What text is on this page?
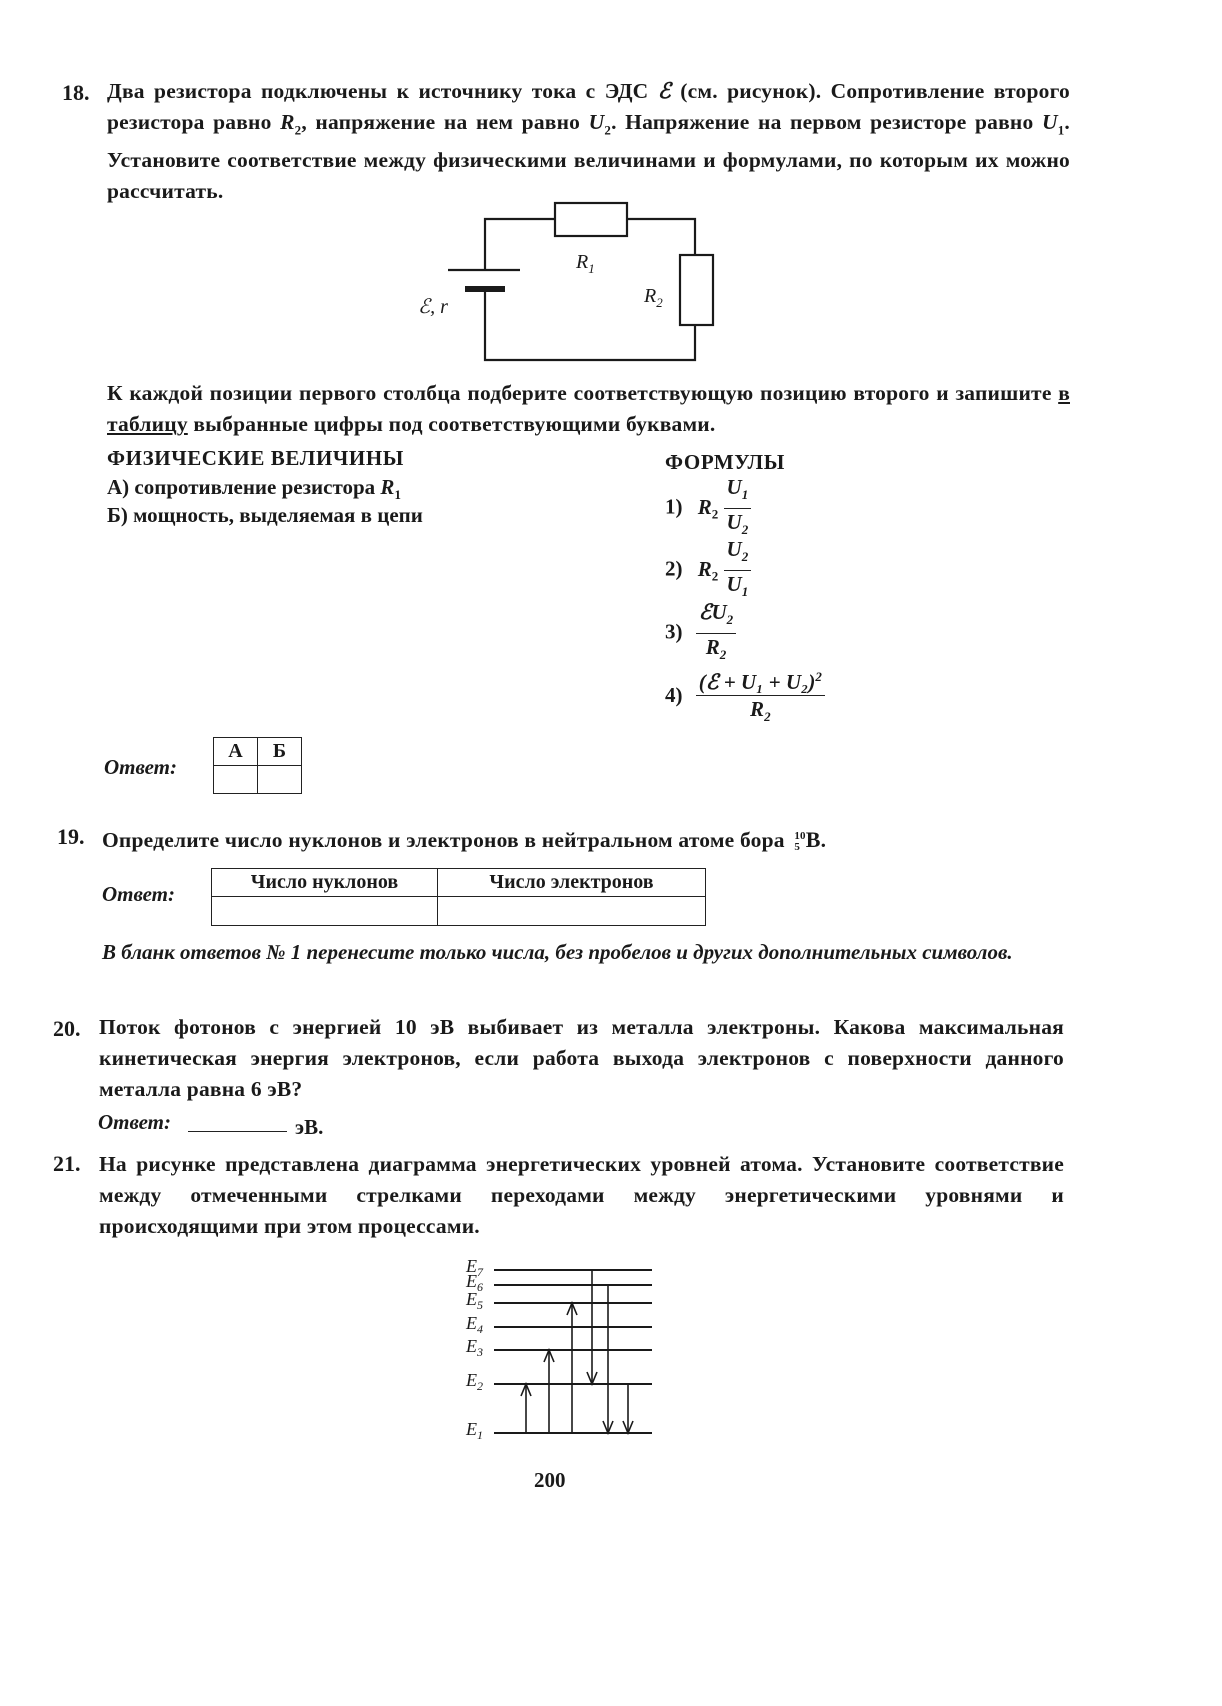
18. Два резистора подключены к источнику тока с ЭДС ℰ (см. рисунок). Сопротивление второго резистора равно $R_2$, напряжение на нем равно $U_2$. Напряжение на первом резисторе равно $U_1$. Установите соответствие между физическими величинами и формулами, по которым их можно рассчитать.
$R_1$
$R_2$
ℰ, r
К каждой позиции первого столбца подберите соответствующую позицию второго и запишите в таблицу выбранные цифры под соответствующими буквами.
ФИЗИЧЕСКИЕ ВЕЛИЧИНЫ	ФОРМУЛЫ
А) сопротивление резистора $R_1$
Б) мощность, выделяемая в цепи	1) $R_2 \frac{U_1}{U_2}$
2) $R_2 \frac{U_2}{U_1}$
$3) \frac{ℰU_2}{R_2}$
$4) \frac{(ℰ + U_1 + U_2)^2}{R_2}$
Ответ:
А	Б

19. Определите число нуклонов и электронов в нейтральном атоме бора 10
5 B.
Ответ:	Число нуклонов	Число электронов

В бланк ответов № 1 перенесите только числа, без пробелов и других дополнительных символов.
20. Поток фотонов с энергией 10 эВ выбивает из металла электроны. Какова максимальная кинетическая энергия электронов, если работа выхода электронов с поверхности данного металла равна 6 эВ?
Ответ:	эВ.
21. На рисунке представлена диаграмма энергетических уровней атома. Установите соответствие между отмеченными стрелками переходами между энергетическими уровнями и происходящими при этом процессами.
$E_7$
$E_6$
$E_5$
$E_4$
$E_3$
$E_2$
$E_1$
200
